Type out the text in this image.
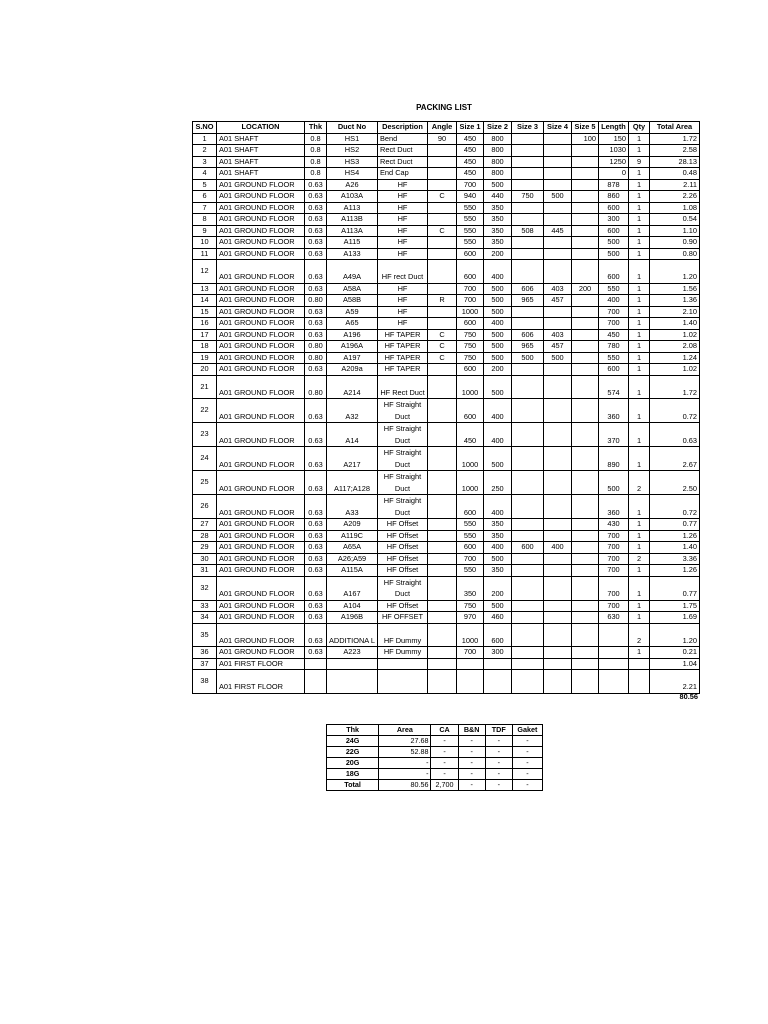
PACKING LIST
S.NO	LOCATION	Thk	Duct No	Description	Angle	Size 1	Size 2	Size 3	Size 4	Size 5	Length	Qty	Total Area
1	A01 SHAFT	0.8	HS1	Bend	90	450	800			100	150	1	1.72
2	A01 SHAFT	0.8	HS2	Rect Duct		450	800				1030	1	2.58
3	A01 SHAFT	0.8	HS3	Rect Duct		450	800				1250	9	28.13
4	A01 SHAFT	0.8	HS4	End Cap		450	800				0	1	0.48
5	A01 GROUND FLOOR	0.63	A26	HF		700	500				878	1	2.11
6	A01 GROUND FLOOR	0.63	A103A	HF	C	940	440	750	500		860	1	2.26
7	A01 GROUND FLOOR	0.63	A113	HF		550	350				600	1	1.08
8	A01 GROUND FLOOR	0.63	A113B	HF		550	350				300	1	0.54
9	A01 GROUND FLOOR	0.63	A113A	HF	C	550	350	508	445		600	1	1.10
10	A01 GROUND FLOOR	0.63	A115	HF		550	350				500	1	0.90
11	A01 GROUND FLOOR	0.63	A133	HF		600	200				500	1	0.80
12	A01 GROUND FLOOR	0.63	A49A	HF rect Duct		600	400				600	1	1.20
13	A01 GROUND FLOOR	0.63	A58A	HF		700	500	606	403	200	550	1	1.56
14	A01 GROUND FLOOR	0.80	A58B	HF	R	700	500	965	457		400	1	1.36
15	A01 GROUND FLOOR	0.63	A59	HF		1000	500				700	1	2.10
16	A01 GROUND FLOOR	0.63	A65	HF		600	400				700	1	1.40
17	A01 GROUND FLOOR	0.63	A196	HF TAPER	C	750	500	606	403		450	1	1.02
18	A01 GROUND FLOOR	0.80	A196A	HF TAPER	C	750	500	965	457		780	1	2.08
19	A01 GROUND FLOOR	0.80	A197	HF TAPER	C	750	500	500	500		550	1	1.24
20	A01 GROUND FLOOR	0.63	A209a	HF TAPER		600	200				600	1	1.02
21	A01 GROUND FLOOR	0.80	A214	HF Rect Duct		1000	500				574	1	1.72
22	A01 GROUND FLOOR	0.63	A32	HF Straight Duct		600	400				360	1	0.72
23	A01 GROUND FLOOR	0.63	A14	HF Straight Duct		450	400				370	1	0.63
24	A01 GROUND FLOOR	0.63	A217	HF Straight Duct		1000	500				890	1	2.67
25	A01 GROUND FLOOR	0.63	A117;A128	HF Straight Duct		1000	250				500	2	2.50
26	A01 GROUND FLOOR	0.63	A33	HF Straight Duct		600	400				360	1	0.72
27	A01 GROUND FLOOR	0.63	A209	HF Offset		550	350				430	1	0.77
28	A01 GROUND FLOOR	0.63	A119C	HF Offset		550	350				700	1	1.26
29	A01 GROUND FLOOR	0.63	A65A	HF Offset		600	400	600	400		700	1	1.40
30	A01 GROUND FLOOR	0.63	A26;A59	HF Offset		700	500				700	2	3.36
31	A01 GROUND FLOOR	0.63	A115A	HF Offset		550	350				700	1	1.26
32	A01 GROUND FLOOR	0.63	A167	HF Straight Duct		350	200				700	1	0.77
33	A01 GROUND FLOOR	0.63	A104	HF Offset		750	500				700	1	1.75
34	A01 GROUND FLOOR	0.63	A196B	HF OFFSET		970	460				630	1	1.69
35	A01 GROUND FLOOR	0.63	ADDITIONA L	HF Dummy		1000	600					2	1.20
36	A01 GROUND FLOOR	0.63	A223	HF Dummy		700	300					1	0.21
37	A01 FIRST FLOOR												1.04
38	A01 FIRST FLOOR												2.21
80.56
Thk	Area	CA	B&N	TDF	Gaket
24G	27.68	-	-	-	-
22G	52.88	-	-	-	-
20G	-	-	-	-	-
18G	-	-	-	-	-
Total	80.56	2,700	-	-	-
